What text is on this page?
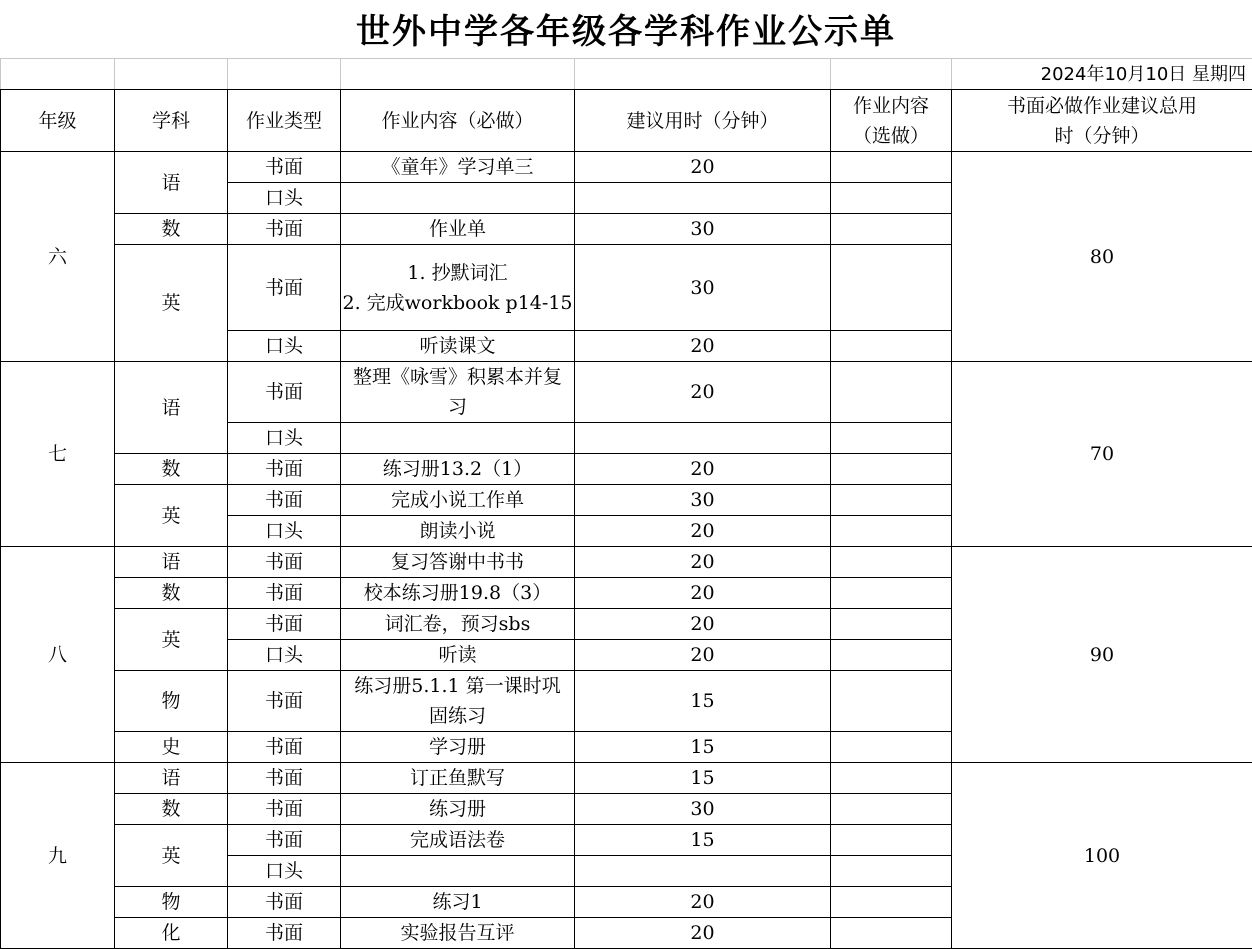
世外中学各年级各学科作业公示单
						2024年10月10日 星期四
年级	学科	作业类型	作业内容（必做）	建议用时（分钟）	作业内容（选做）	书面必做作业建议总用时（分钟）
六	语	书面	《童年》学习单三	20		80
		口头				
	数	书面	作业单	30		
	英	书面	1. 抄默词汇
2. 完成workbook p14-15	30		
		口头	听读课文	20		
七	语	书面	整理《咏雪》积累本并复习	20		70
		口头				
	数	书面	练习册13.2（1）	20		
	英	书面	完成小说工作单	30		
		口头	朗读小说	20		
八	语	书面	复习答谢中书书	20		90
	数	书面	校本练习册19.8（3）	20		
	英	书面	词汇卷，预习sbs	20		
		口头	听读	20		
	物	书面	练习册5.1.1 第一课时巩固练习	15		
	史	书面	学习册	15		
九	语	书面	订正鱼默写	15		100
	数	书面	练习册	30		
	英	书面	完成语法卷	15		
		口头				
	物	书面	练习1	20		
	化	书面	实验报告互评	20		
